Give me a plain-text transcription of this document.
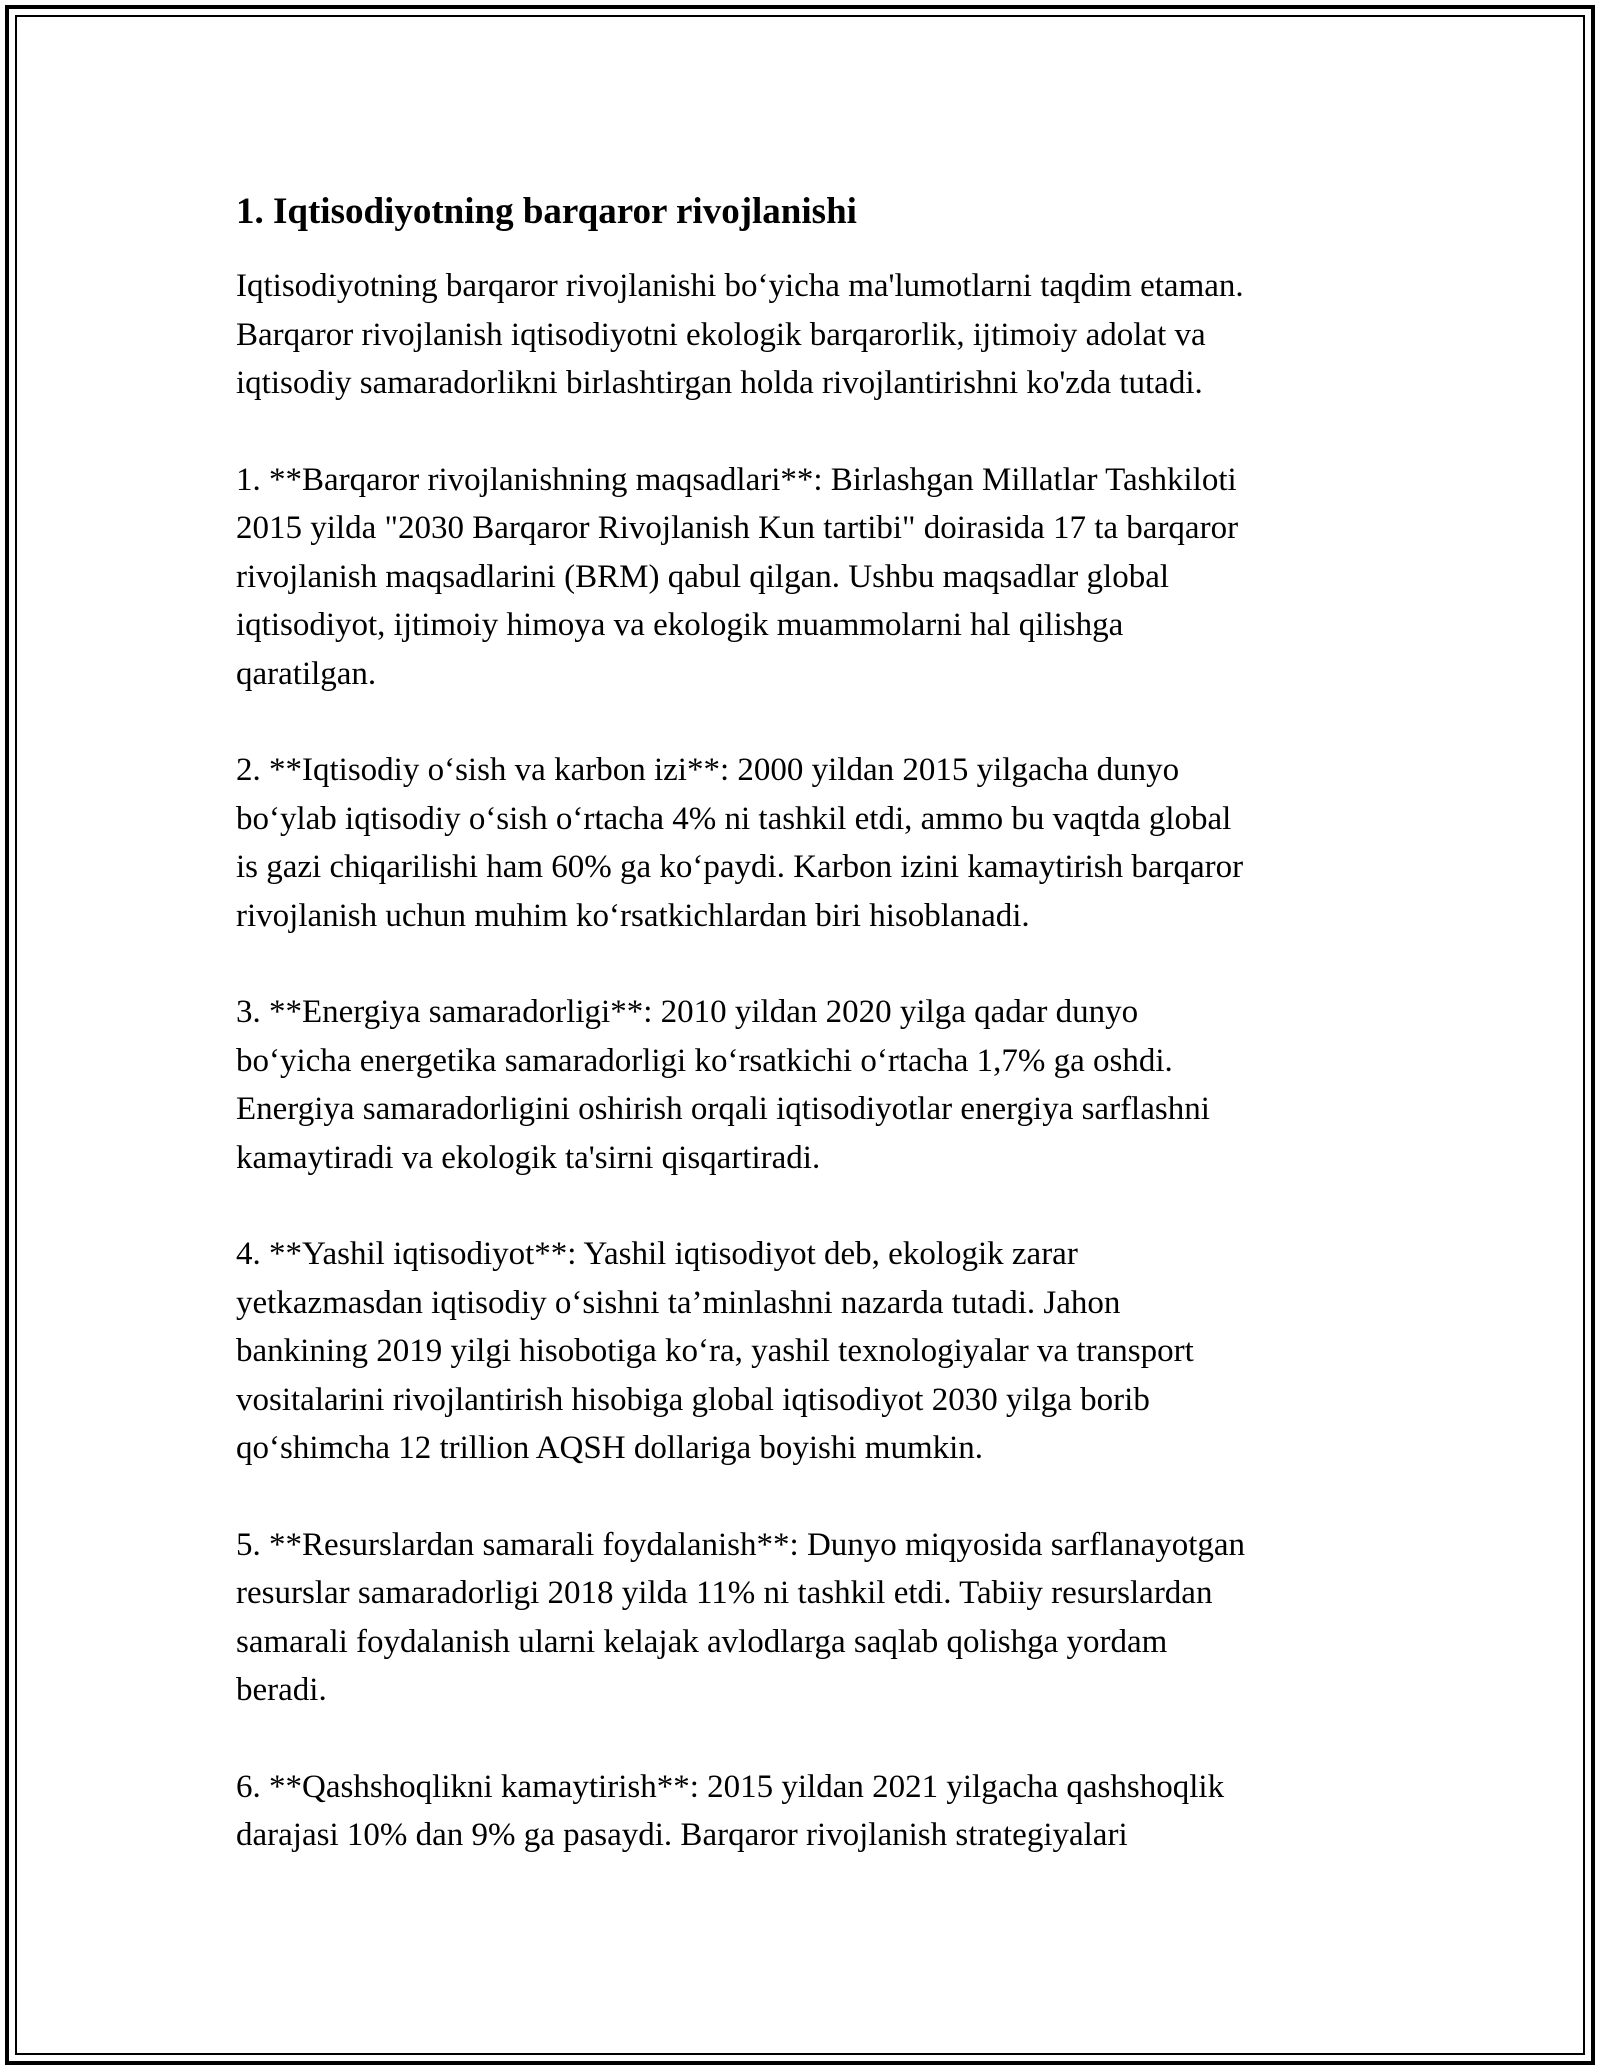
1. Iqtisodiyotning barqaror rivojlanishi

Iqtisodiyotning barqaror rivojlanishi bo‘yicha ma'lumotlarni taqdim etaman.
Barqaror rivojlanish iqtisodiyotni ekologik barqarorlik, ijtimoiy adolat va
iqtisodiy samaradorlikni birlashtirgan holda rivojlantirishni ko'zda tutadi.

1. **Barqaror rivojlanishning maqsadlari**: Birlashgan Millatlar Tashkiloti
2015 yilda "2030 Barqaror Rivojlanish Kun tartibi" doirasida 17 ta barqaror
rivojlanish maqsadlarini (BRM) qabul qilgan. Ushbu maqsadlar global
iqtisodiyot, ijtimoiy himoya va ekologik muammolarni hal qilishga
qaratilgan.

2. **Iqtisodiy o‘sish va karbon izi**: 2000 yildan 2015 yilgacha dunyo
bo‘ylab iqtisodiy o‘sish o‘rtacha 4% ni tashkil etdi, ammo bu vaqtda global
is gazi chiqarilishi ham 60% ga ko‘paydi. Karbon izini kamaytirish barqaror
rivojlanish uchun muhim ko‘rsatkichlardan biri hisoblanadi.

3. **Energiya samaradorligi**: 2010 yildan 2020 yilga qadar dunyo
bo‘yicha energetika samaradorligi ko‘rsatkichi o‘rtacha 1,7% ga oshdi.
Energiya samaradorligini oshirish orqali iqtisodiyotlar energiya sarflashni
kamaytiradi va ekologik ta'sirni qisqartiradi.

4. **Yashil iqtisodiyot**: Yashil iqtisodiyot deb, ekologik zarar
yetkazmasdan iqtisodiy o‘sishni ta’minlashni nazarda tutadi. Jahon
bankining 2019 yilgi hisobotiga ko‘ra, yashil texnologiyalar va transport
vositalarini rivojlantirish hisobiga global iqtisodiyot 2030 yilga borib
qo‘shimcha 12 trillion AQSH dollariga boyishi mumkin.

5. **Resurslardan samarali foydalanish**: Dunyo miqyosida sarflanayotgan
resurslar samaradorligi 2018 yilda 11% ni tashkil etdi. Tabiiy resurslardan
samarali foydalanish ularni kelajak avlodlarga saqlab qolishga yordam
beradi.

6. **Qashshoqlikni kamaytirish**: 2015 yildan 2021 yilgacha qashshoqlik
darajasi 10% dan 9% ga pasaydi. Barqaror rivojlanish strategiyalari
